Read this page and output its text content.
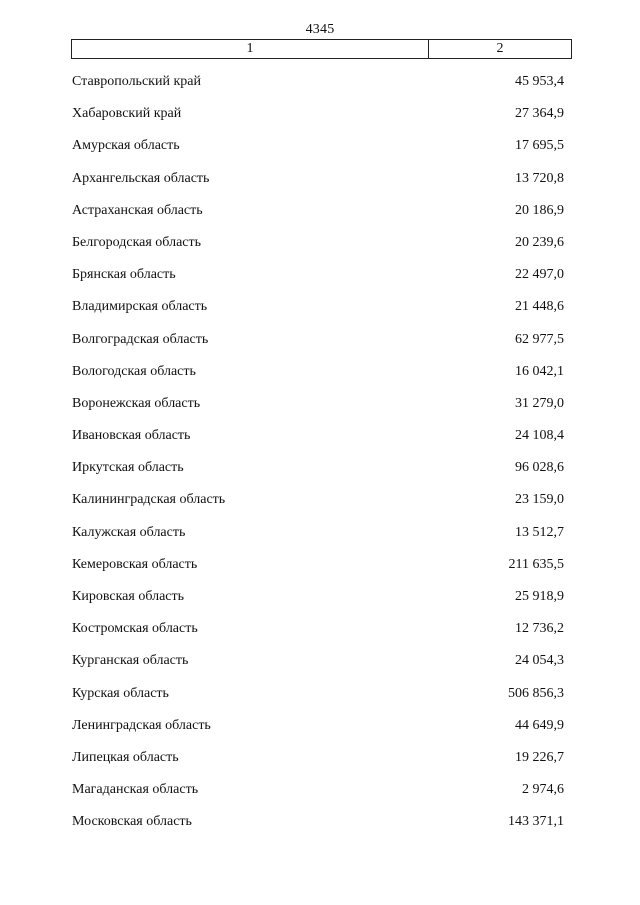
4345
1	2
Ставропольский край	45 953,4
Хабаровский край	27 364,9
Амурская область	17 695,5
Архангельская область	13 720,8
Астраханская область	20 186,9
Белгородская область	20 239,6
Брянская область	22 497,0
Владимирская область	21 448,6
Волгоградская область	62 977,5
Вологодская область	16 042,1
Воронежская область	31 279,0
Ивановская область	24 108,4
Иркутская область	96 028,6
Калининградская область	23 159,0
Калужская область	13 512,7
Кемеровская область	211 635,5
Кировская область	25 918,9
Костромская область	12 736,2
Курганская область	24 054,3
Курская область	506 856,3
Ленинградская область	44 649,9
Липецкая область	19 226,7
Магаданская область	2 974,6
Московская область	143 371,1
